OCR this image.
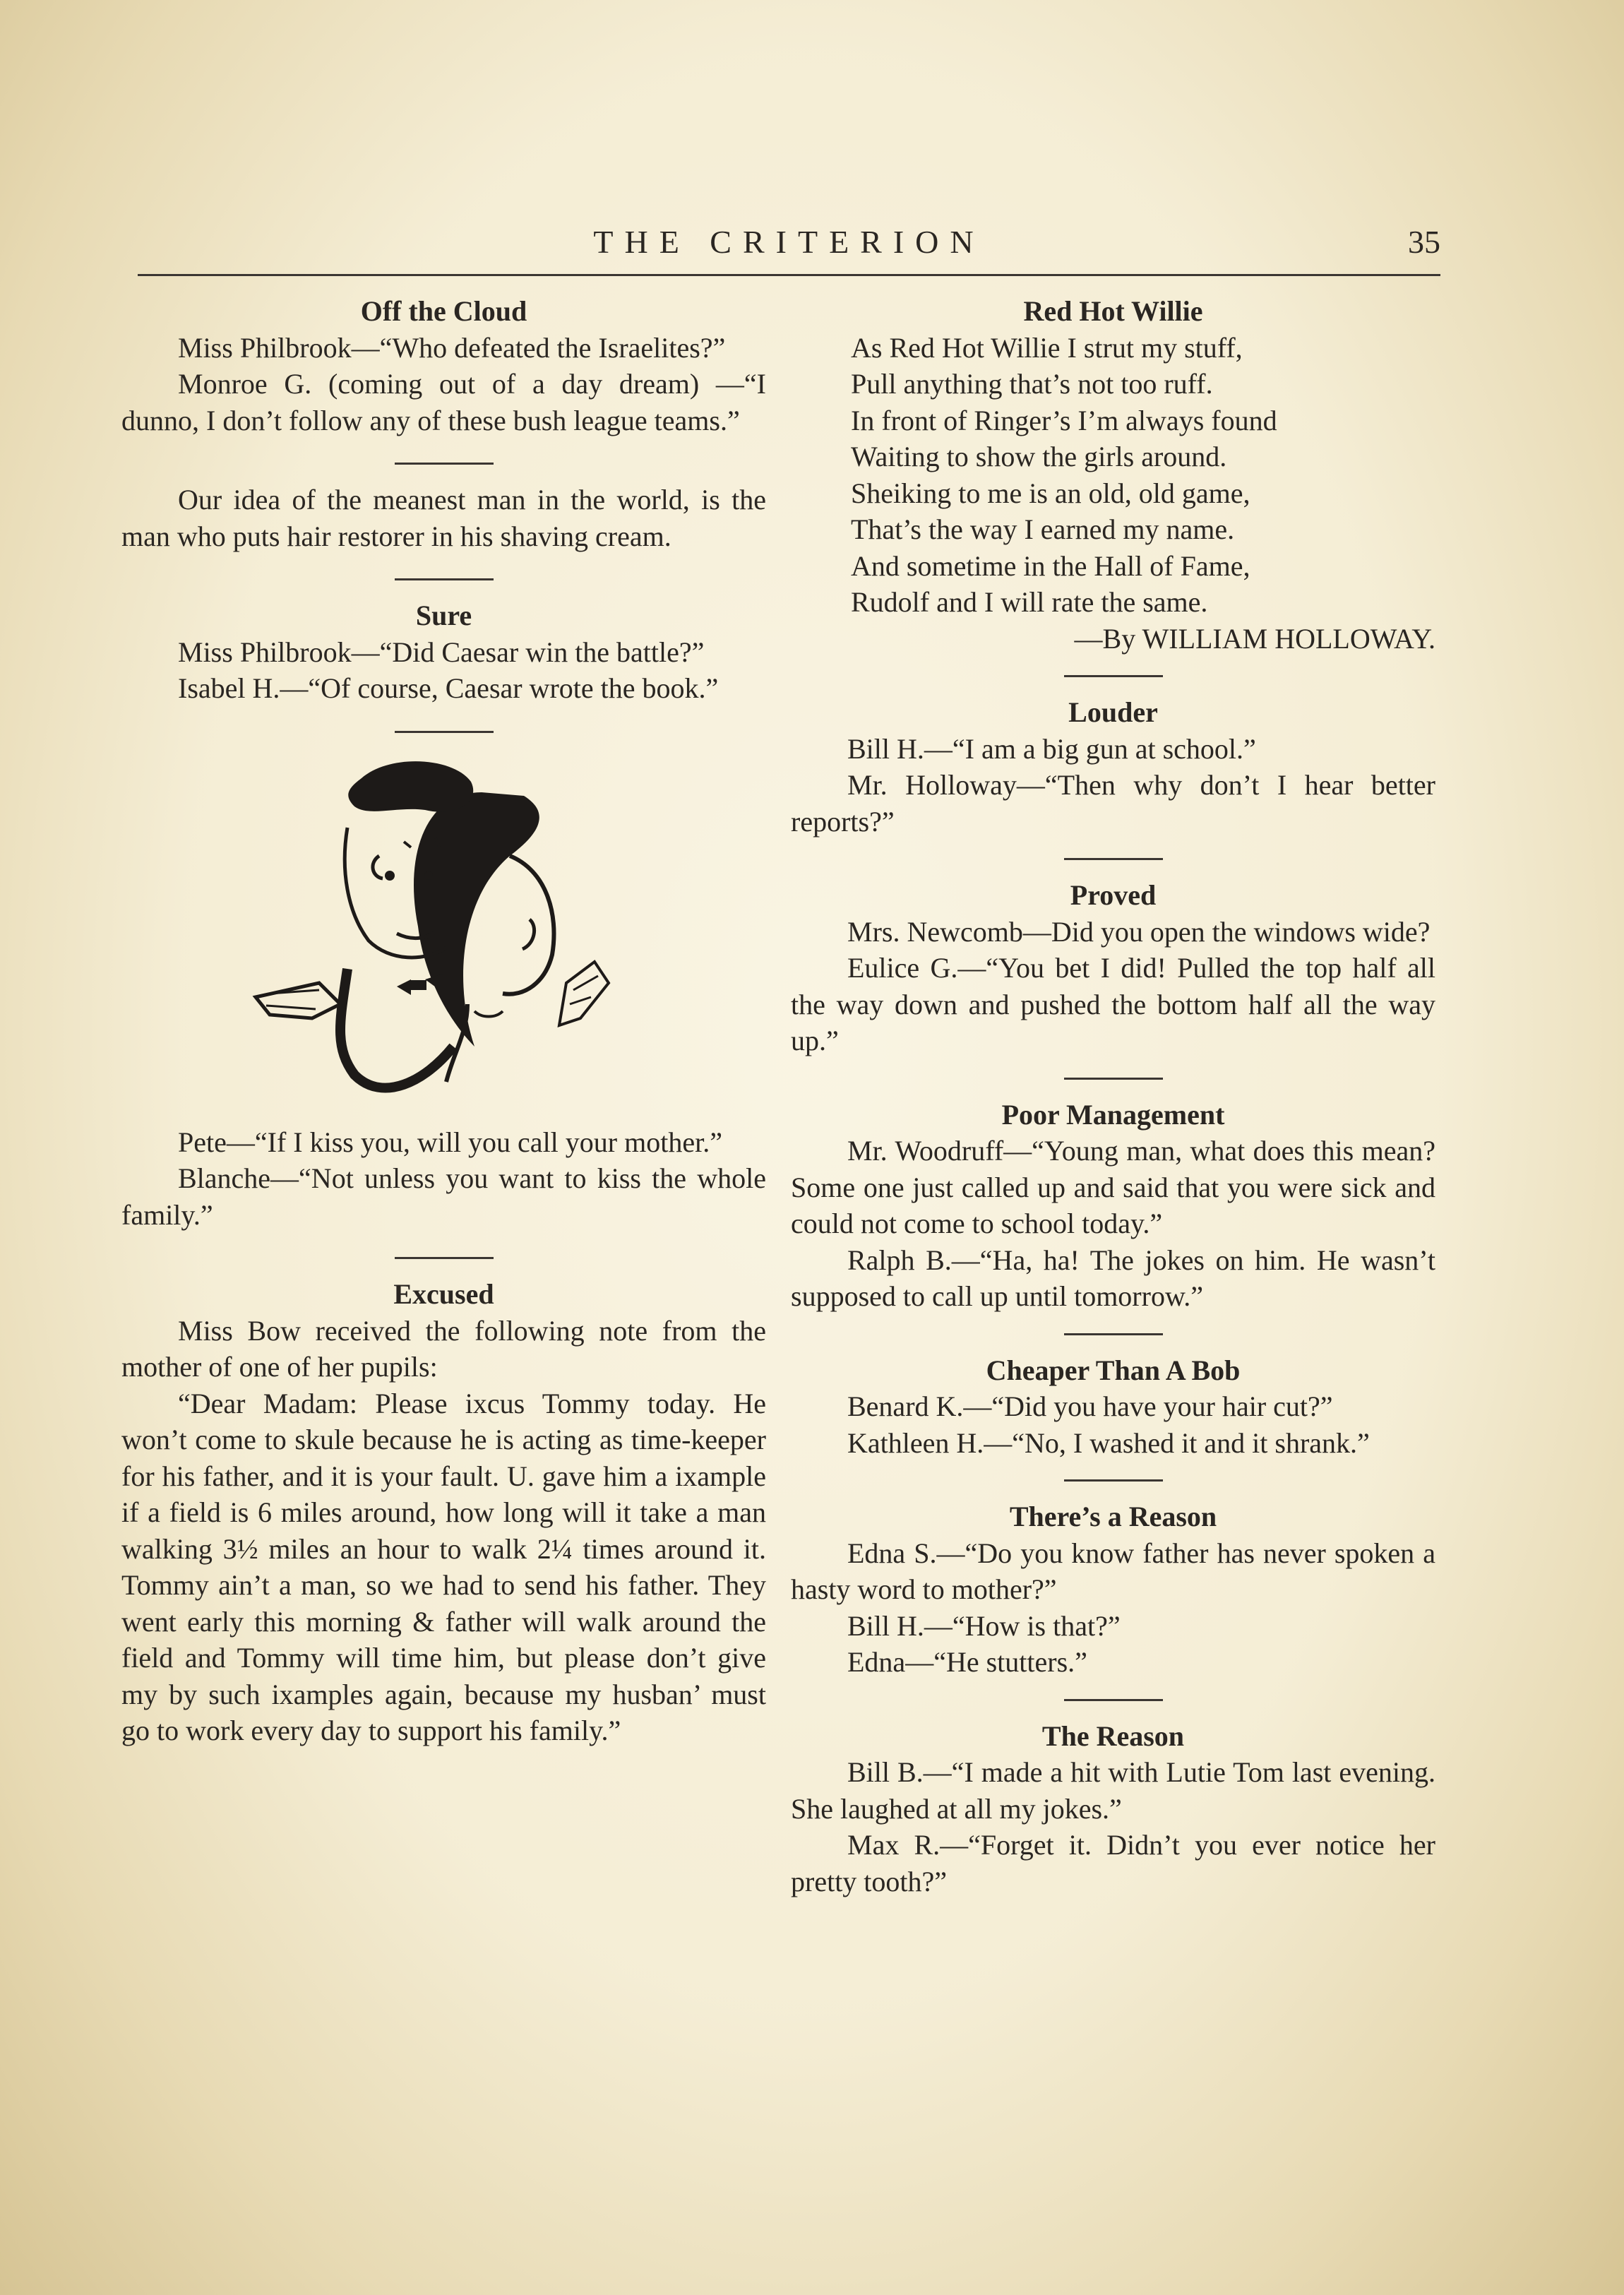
THE CRITERION	35
Off the Cloud

Miss Philbrook—“Who defeated the Israelites?”

Monroe G. (coming out of a day dream) —“I dunno, I don’t follow any of these bush league teams.”

Our idea of the meanest man in the world, is the man who puts hair restorer in his shaving cream.

Sure

Miss Philbrook—“Did Caesar win the battle?”

Isabel H.—“Of course, Caesar wrote the book.”

Pete—“If I kiss you, will you call your mother.”

Blanche—“Not unless you want to kiss the whole family.”

Excused

Miss Bow received the following note from the mother of one of her pupils:

“Dear Madam: Please ixcus Tommy today. He won’t come to skule because he is acting as time-keeper for his father, and it is your fault. U. gave him a ixample if a field is 6 miles around, how long will it take a man walking 3½ miles an hour to walk 2¼ times around it. Tommy ain’t a man, so we had to send his father. They went early this morning & father will walk around the field and Tommy will time him, but please don’t give my by such ixamples again, because my husban’ must go to work every day to support his family.”

Red Hot Willie
As Red Hot Willie I strut my stuff,
Pull anything that’s not too ruff.
In front of Ringer’s I’m always found
Waiting to show the girls around.
Sheiking to me is an old, old game,
That’s the way I earned my name.
And sometime in the Hall of Fame,
Rudolf and I will rate the same.
—By WILLIAM HOLLOWAY.
Louder

Bill H.—“I am a big gun at school.”

Mr. Holloway—“Then why don’t I hear better reports?”

Proved

Mrs. Newcomb—Did you open the windows wide?

Eulice G.—“You bet I did! Pulled the top half all the way down and pushed the bottom half all the way up.”

Poor Management

Mr. Woodruff—“Young man, what does this mean? Some one just called up and said that you were sick and could not come to school today.”

Ralph B.—“Ha, ha! The jokes on him. He wasn’t supposed to call up until tomorrow.”

Cheaper Than A Bob

Benard K.—“Did you have your hair cut?”

Kathleen H.—“No, I washed it and it shrank.”

There’s a Reason

Edna S.—“Do you know father has never spoken a hasty word to mother?”

Bill H.—“How is that?”

Edna—“He stutters.”

The Reason

Bill B.—“I made a hit with Lutie Tom last evening. She laughed at all my jokes.”

Max R.—“Forget it. Didn’t you ever notice her pretty tooth?”
